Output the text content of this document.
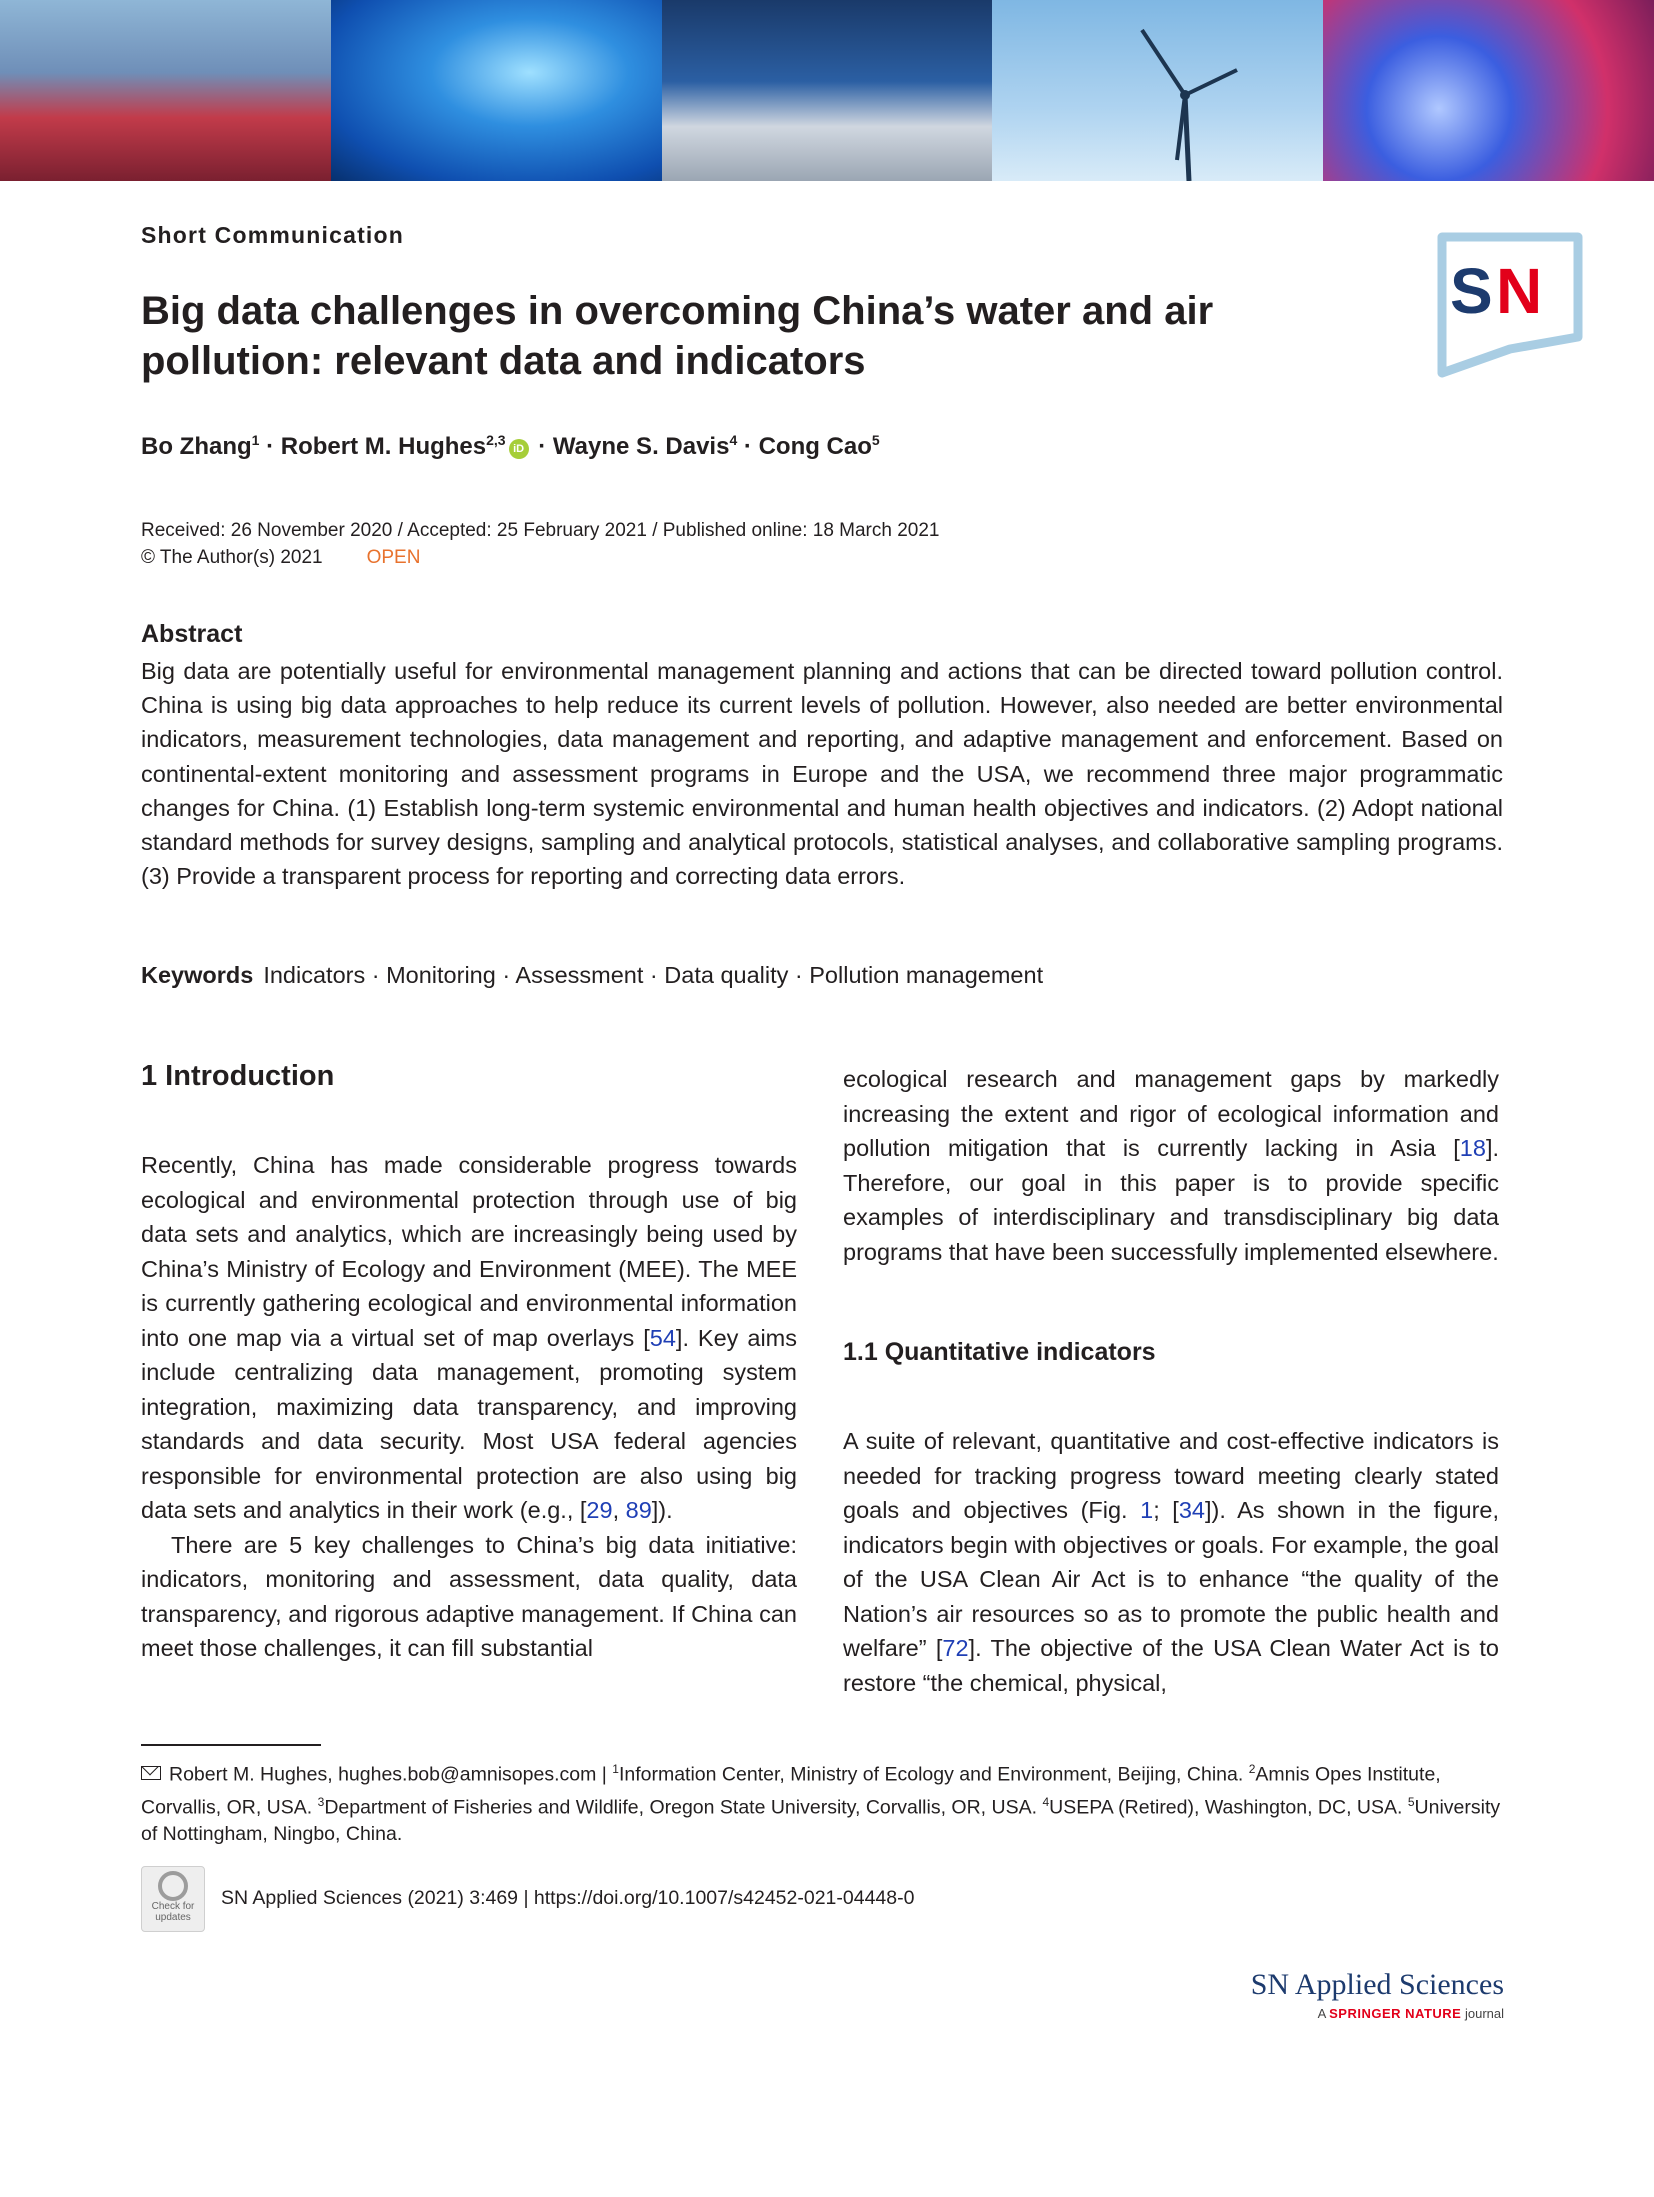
S N
Short Communication
Big data challenges in overcoming China’s water and air pollution: relevant data and indicators
Bo Zhang$^1$ · Robert M. Hughes$^{2,3}$iD · Wayne S. Davis$^4$ · Cong Cao$^5$
Received: 26 November 2020 / Accepted: 25 February 2021 / Published online: 18 March 2021
© The Author(s) 2021 OPEN
Abstract
Big data are potentially useful for environmental management planning and actions that can be directed toward pollution control. China is using big data approaches to help reduce its current levels of pollution. However, also needed are better environmental indicators, measurement technologies, data management and reporting, and adaptive management and enforcement. Based on continental-extent monitoring and assessment programs in Europe and the USA, we recommend three major programmatic changes for China. (1) Establish long-term systemic environmental and human health objectives and indicators. (2) Adopt national standard methods for survey designs, sampling and analytical protocols, statistical analyses, and collaborative sampling programs. (3) Provide a transparent process for reporting and correcting data errors.
Keywords Indicators · Monitoring · Assessment · Data quality · Pollution management
1 Introduction

Recently, China has made considerable progress towards ecological and environmental protection through use of big data sets and analytics, which are increasingly being used by China’s Ministry of Ecology and Environment (MEE). The MEE is currently gathering ecological and environmental information into one map via a virtual set of map overlays [54]. Key aims include centralizing data management, promoting system integration, maximizing data transparency, and improving standards and data security. Most USA federal agencies responsible for environmental protection are also using big data sets and analytics in their work (e.g., [29, 89]).

There are 5 key challenges to China’s big data initiative: indicators, monitoring and assessment, data quality, data transparency, and rigorous adaptive management. If China can meet those challenges, it can fill substantial

ecological research and management gaps by markedly increasing the extent and rigor of ecological information and pollution mitigation that is currently lacking in Asia [18]. Therefore, our goal in this paper is to provide specific examples of interdisciplinary and transdisciplinary big data programs that have been successfully implemented elsewhere.

1.1 Quantitative indicators

A suite of relevant, quantitative and cost-effective indicators is needed for tracking progress toward meeting clearly stated goals and objectives (Fig. 1; [34]). As shown in the figure, indicators begin with objectives or goals. For example, the goal of the USA Clean Air Act is to enhance “the quality of the Nation’s air resources so as to promote the public health and welfare” [72]. The objective of the USA Clean Water Act is to restore “the chemical, physical,

Robert M. Hughes, hughes.bob@amnisopes.com | $^1$Information Center, Ministry of Ecology and Environment, Beijing, China. $^2$Amnis Opes Institute, Corvallis, OR, USA. $^3$Department of Fisheries and Wildlife, Oregon State University, Corvallis, OR, USA. $^4$USEPA (Retired), Washington, DC, USA. $^5$University of Nottingham, Ningbo, China.
Check for
updates
SN Applied Sciences (2021) 3:469 | https://doi.org/10.1007/s42452-021-04448-0
SN Applied Sciences
A SPRINGER NATURE journal
